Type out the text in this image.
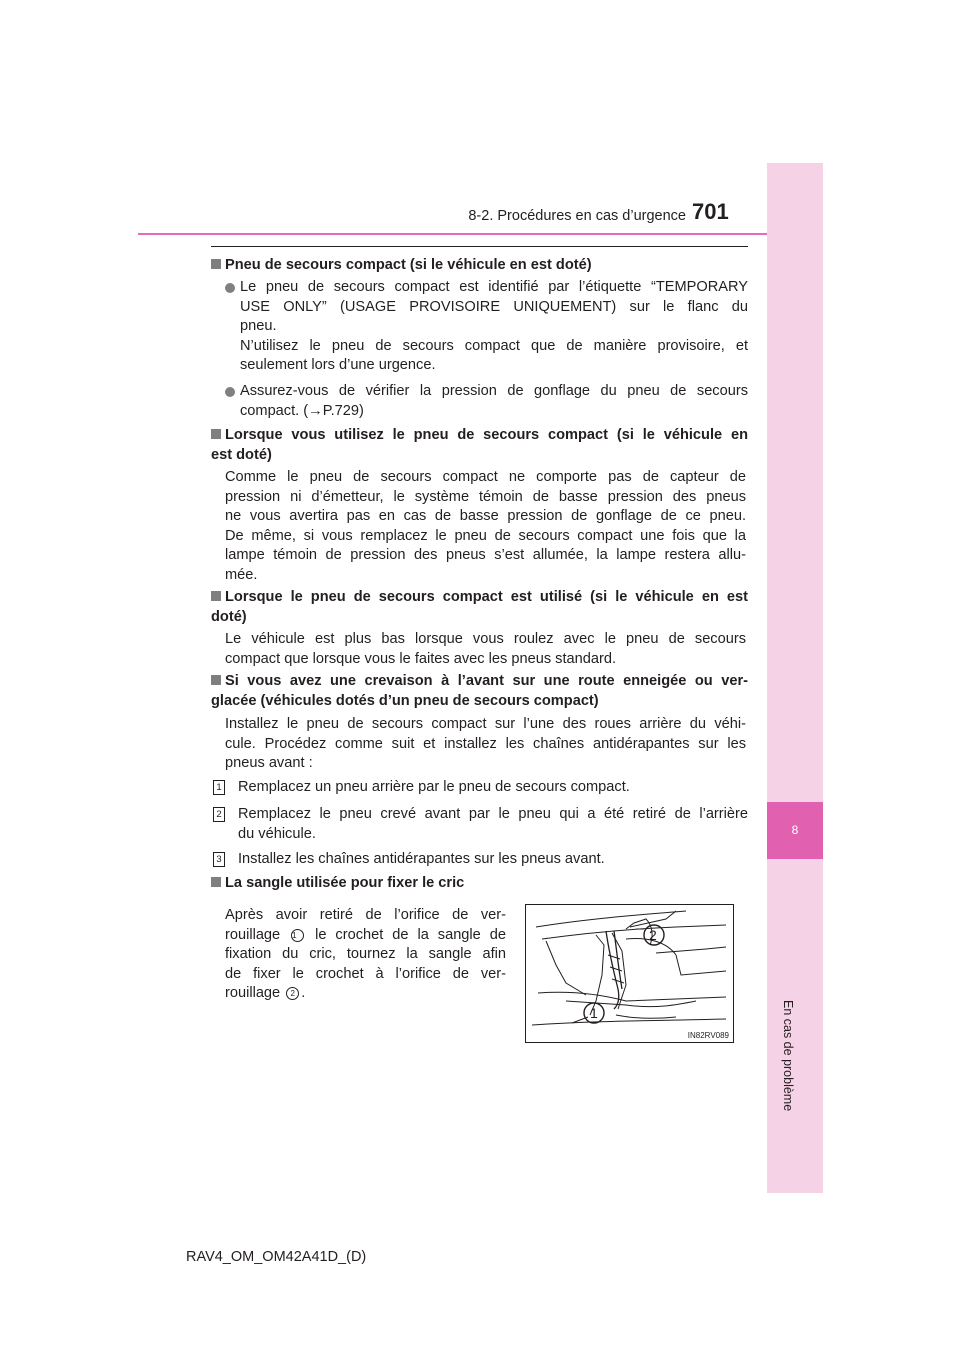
8-2. Procédures en cas d’urgence 701
8
En cas de problème
Pneu de secours compact (si le véhicule en est doté)
Le pneu de secours compact est identifié par l’étiquette “TEMPORARY
USE ONLY” (USAGE PROVISOIRE UNIQUEMENT) sur le flanc du
pneu.
N’utilisez le pneu de secours compact que de manière provisoire, et
seulement lors d’une urgence.
Assurez-vous de vérifier la pression de gonflage du pneu de secours
compact. (→P.729)
Lorsque vous utilisez le pneu de secours compact (si le véhicule en
est doté)
Comme le pneu de secours compact ne comporte pas de capteur de
pression ni d’émetteur, le système témoin de basse pression des pneus
ne vous avertira pas en cas de basse pression de gonflage de ce pneu.
De même, si vous remplacez le pneu de secours compact une fois que la
lampe témoin de pression des pneus s’est allumée, la lampe restera allu-
mée.
Lorsque le pneu de secours compact est utilisé (si le véhicule en est
doté)
Le véhicule est plus bas lorsque vous roulez avec le pneu de secours
compact que lorsque vous le faites avec les pneus standard.
Si vous avez une crevaison à l’avant sur une route enneigée ou ver-
glacée (véhicules dotés d’un pneu de secours compact)
Installez le pneu de secours compact sur l’une des roues arrière du véhi-
cule. Procédez comme suit et installez les chaînes antidérapantes sur les
pneus avant :
1 Remplacez un pneu arrière par le pneu de secours compact.
2 Remplacez le pneu crevé avant par le pneu qui a été retiré de l’arrière
du véhicule.
3 Installez les chaînes antidérapantes sur les pneus avant.
La sangle utilisée pour fixer le cric
Après avoir retiré de l’orifice de ver-
rouillage 1 le crochet de la sangle de
fixation du cric, tournez la sangle afin
de fixer le crochet à l’orifice de ver-
rouillage 2 .
2
1
IN82RV089
RAV4_OM_OM42A41D_(D)
